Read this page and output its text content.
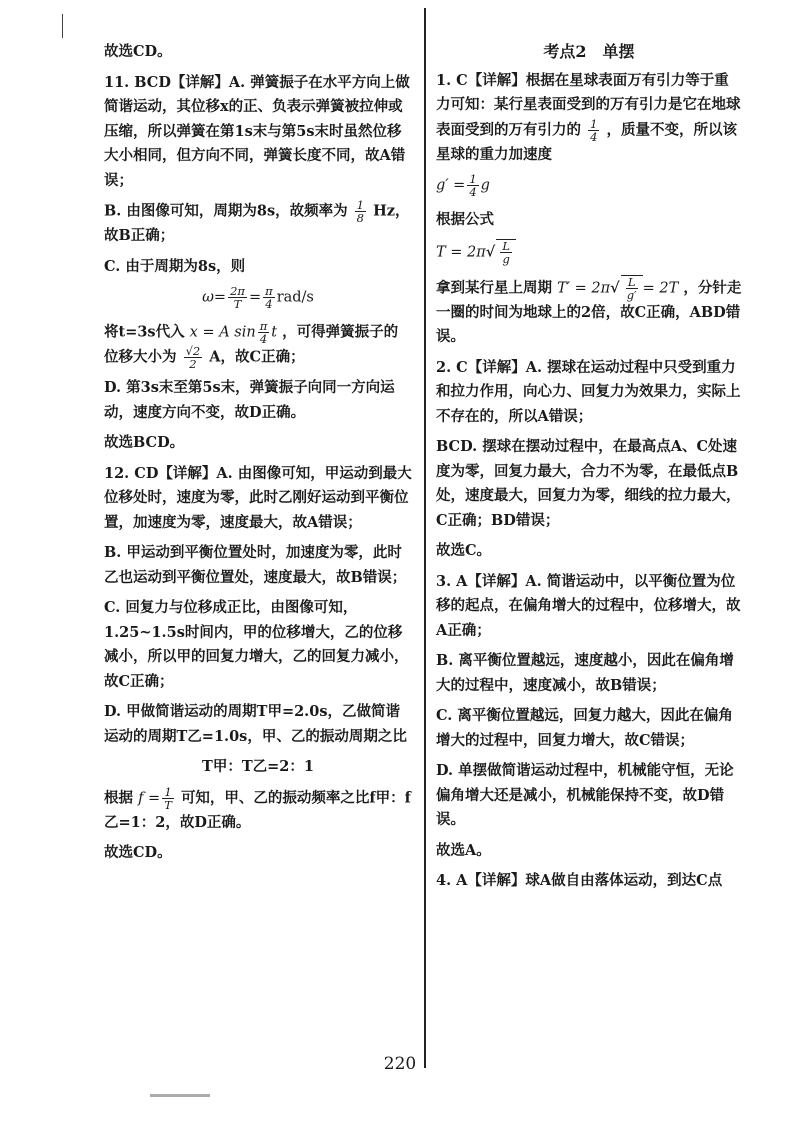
故选CD。

11. BCD【详解】A. 弹簧振子在水平方向上做简谐运动，其位移x的正、负表示弹簧被拉伸或压缩，所以弹簧在第1s末与第5s末时虽然位移大小相同，但方向不同，弹簧长度不同，故A错误；

B. 由图像可知，周期为8s，故频率为 $\frac{1}{8}$ Hz，故B正确；

C. 由于周期为8s，则

$\omega= \frac{2\pi}{T} = \frac{\pi}{4} rad/s$

将t=3s代入 x = A $\sin \frac{\pi}{4}$ t ，可得弹簧振子的位移大小为 $\frac{√2}{2}$ A，故C正确；

D. 第3s末至第5s末，弹簧振子向同一方向运动，速度方向不变，故D正确。

故选BCD。

12. CD【详解】A. 由图像可知，甲运动到最大位移处时，速度为零，此时乙刚好运动到平衡位置，加速度为零，速度最大，故A错误；

B. 甲运动到平衡位置处时，加速度为零，此时乙也运动到平衡位置处，速度最大，故B错误；

C. 回复力与位移成正比，由图像可知，1.25~1.5s时间内，甲的位移增大，乙的位移减小，所以甲的回复力增大，乙的回复力减小，故C正确；

D. 甲做简谐运动的周期T甲=2.0s，乙做简谐运动的周期T乙=1.0s，甲、乙的振动周期之比

T甲：T乙=2：1

根据 $f = \frac{1}{T}$ 可知，甲、乙的振动频率之比f甲：f乙=1：2，故D正确。

故选CD。

考点2　单摆

1. C【详解】根据在星球表面万有引力等于重力可知：某行星表面受到的万有引力是它在地球表面受到的万有引力的 $\frac{1}{4}$ ，质量不变，所以该星球的重力加速度

$g' = \frac{1}{4}$ g

根据公式

$T = 2\pi√ \frac{L}{g}$

拿到某行星上周期 $T' = 2\pi√ \frac{L}{g'} = 2T$ ，分针走一圈的时间为地球上的2倍，故C正确，ABD错误。

2. C【详解】A. 摆球在运动过程中只受到重力和拉力作用，向心力、回复力为效果力，实际上不存在的，所以A错误；

BCD. 摆球在摆动过程中，在最高点A、C处速度为零，回复力最大，合力不为零，在最低点B处，速度最大，回复力为零，细线的拉力最大，C正确；BD错误；

故选C。

3. A【详解】A. 简谐运动中，以平衡位置为位移的起点，在偏角增大的过程中，位移增大，故A正确；

B. 离平衡位置越远，速度越小，因此在偏角增大的过程中，速度减小，故B错误；

C. 离平衡位置越远，回复力越大，因此在偏角增大的过程中，回复力增大，故C错误；

D. 单摆做简谐运动过程中，机械能守恒，无论偏角增大还是减小，机械能保持不变，故D错误。

故选A。

4. A【详解】球A做自由落体运动，到达C点

220
